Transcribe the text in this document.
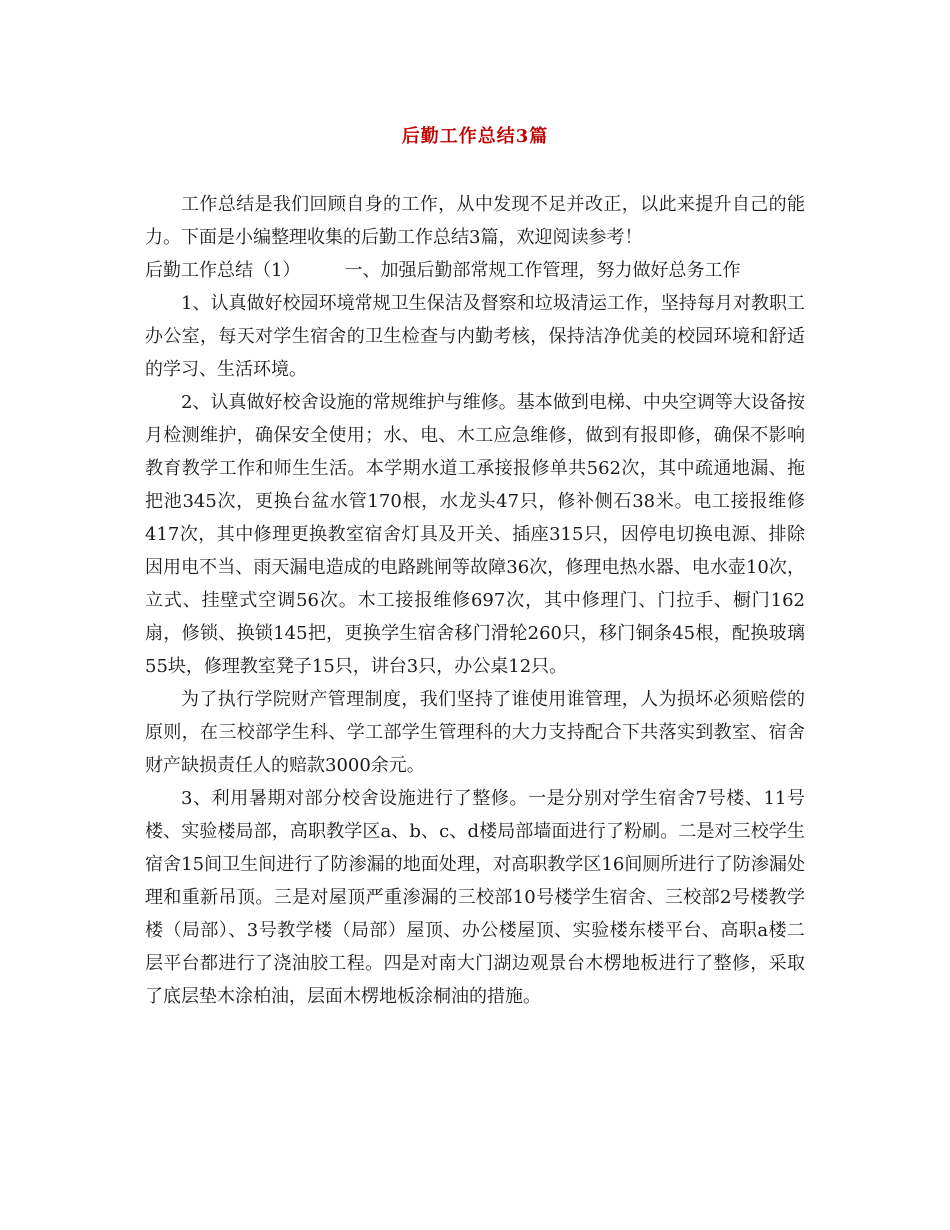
后勤工作总结3篇

工作总结是我们回顾自身的工作，从中发现不足并改正，以此来提升自己的能力。下面是小编整理收集的后勤工作总结3篇，欢迎阅读参考！

后勤工作总结（1） 一、加强后勤部常规工作管理，努力做好总务工作

1、认真做好校园环境常规卫生保洁及督察和垃圾清运工作，坚持每月对教职工办公室，每天对学生宿舍的卫生检查与内勤考核，保持洁净优美的校园环境和舒适的学习、生活环境。

2、认真做好校舍设施的常规维护与维修。基本做到电梯、中央空调等大设备按月检测维护，确保安全使用；水、电、木工应急维修，做到有报即修，确保不影响教育教学工作和师生生活。本学期水道工承接报修单共562次，其中疏通地漏、拖把池345次，更换台盆水管170根，水龙头47只，修补侧石38米。电工接报维修417次，其中修理更换教室宿舍灯具及开关、插座315只，因停电切换电源、排除因用电不当、雨天漏电造成的电路跳闸等故障36次，修理电热水器、电水壶10次，立式、挂壁式空调56次。木工接报维修697次，其中修理门、门拉手、橱门162扇，修锁、换锁145把，更换学生宿舍移门滑轮260只，移门铜条45根，配换玻璃55块，修理教室凳子15只，讲台3只，办公桌12只。

为了执行学院财产管理制度，我们坚持了谁使用谁管理，人为损坏必须赔偿的原则，在三校部学生科、学工部学生管理科的大力支持配合下共落实到教室、宿舍财产缺损责任人的赔款3000余元。

3、利用暑期对部分校舍设施进行了整修。一是分别对学生宿舍7号楼、11号楼、实验楼局部，高职教学区a、b、c、d楼局部墙面进行了粉刷。二是对三校学生宿舍15间卫生间进行了防渗漏的地面处理，对高职教学区16间厕所进行了防渗漏处理和重新吊顶。三是对屋顶严重渗漏的三校部10号楼学生宿舍、三校部2号楼教学楼（局部）、3号教学楼（局部）屋顶、办公楼屋顶、实验楼东楼平台、高职a楼二层平台都进行了浇油胶工程。四是对南大门湖边观景台木楞地板进行了整修，采取了底层垫木涂柏油，层面木楞地板涂桐油的措施。
